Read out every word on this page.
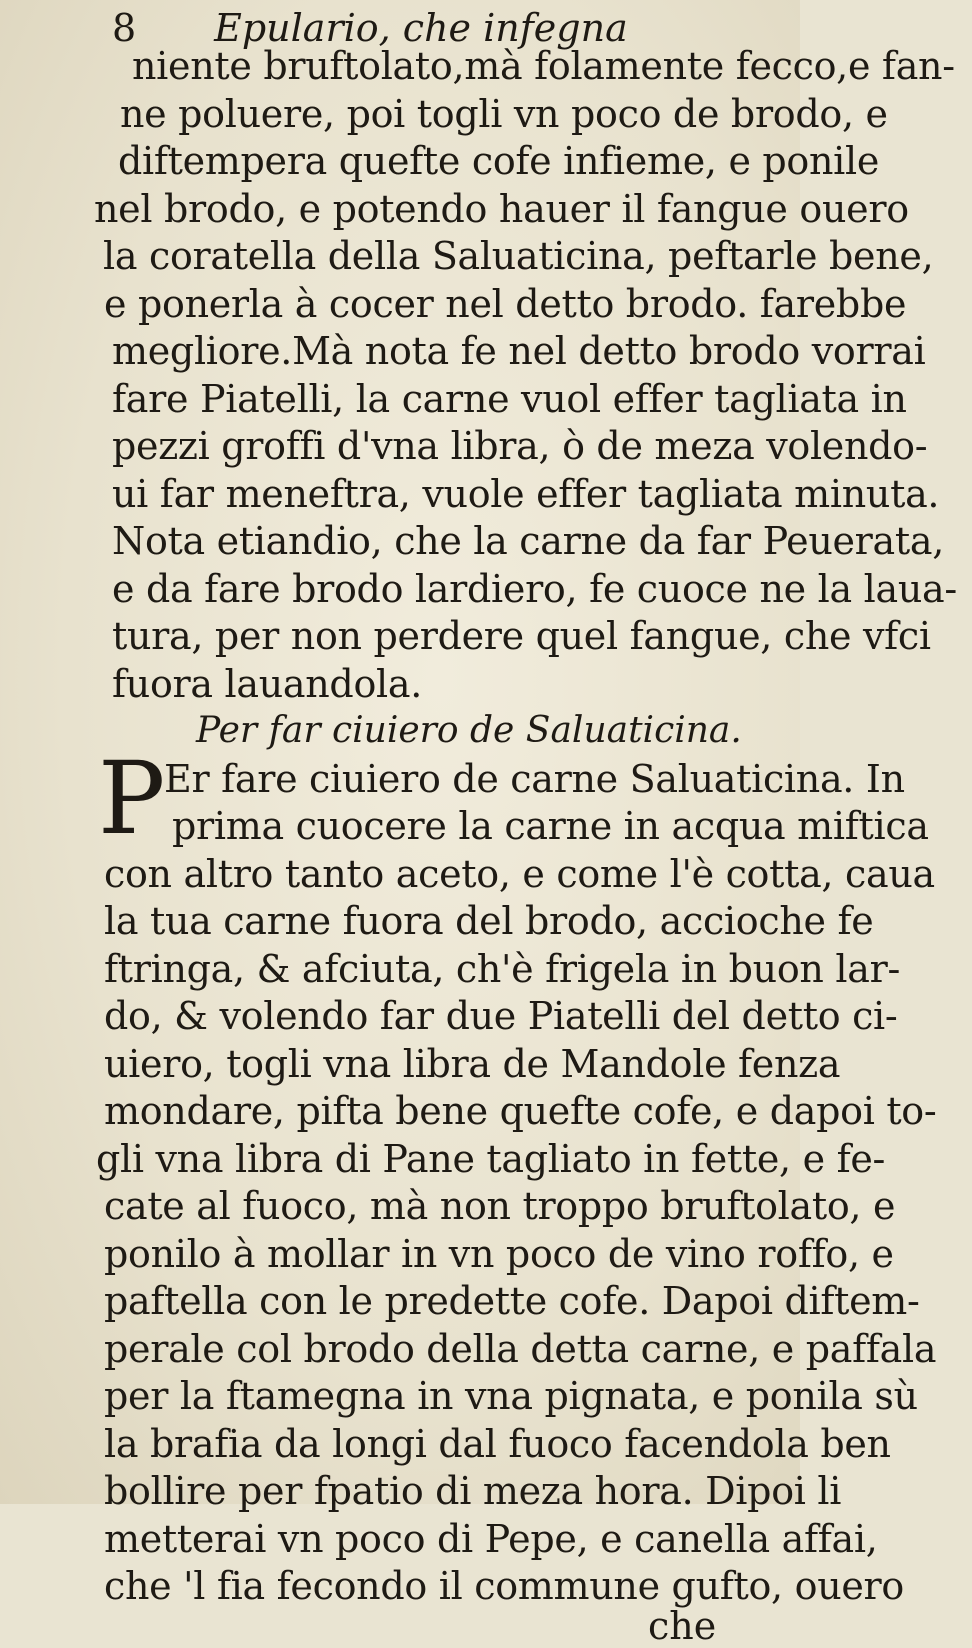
8 Epulario, che infegna
niente bruftolato,mà folamente fecco,e fan-
ne poluere, poi togli vn poco de brodo, e
diftempera quefte cofe infieme, e ponile
nel brodo, e potendo hauer il fangue ouero
la coratella della Saluaticina, peftarle bene,
e ponerla à cocer nel detto brodo. farebbe
megliore.Mà nota fe nel detto brodo vorrai
fare Piatelli, la carne vuol effer tagliata in
pezzi groffi d'vna libra, ò de meza volendo-
ui far meneftra, vuole effer tagliata minuta.
Nota etiandio, che la carne da far Peuerata,
e da fare brodo lardiero, fe cuoce ne la laua-
tura, per non perdere quel fangue, che vfci
fuora lauandola.
Per far ciuiero de Saluaticina.
P
Er fare ciuiero de carne Saluaticina. In
prima cuocere la carne in acqua miftica
con altro tanto aceto, e come l'è cotta, caua
la tua carne fuora del brodo, accioche fe
ftringa, & afciuta, ch'è frigela in buon lar-
do, & volendo far due Piatelli del detto ci-
uiero, togli vna libra de Mandole fenza
mondare, pifta bene quefte cofe, e dapoi to-
gli vna libra di Pane tagliato in fette, e fe-
cate al fuoco, mà non troppo bruftolato, e
ponilo à mollar in vn poco de vino roffo, e
paftella con le predette cofe. Dapoi diftem-
perale col brodo della detta carne, e paffala
per la ftamegna in vna pignata, e ponila sù
la brafia da longi dal fuoco facendola ben
bollire per fpatio di meza hora. Dipoi li
metterai vn poco di Pepe, e canella affai,
che 'l fia fecondo il commune gufto, ouero
che
